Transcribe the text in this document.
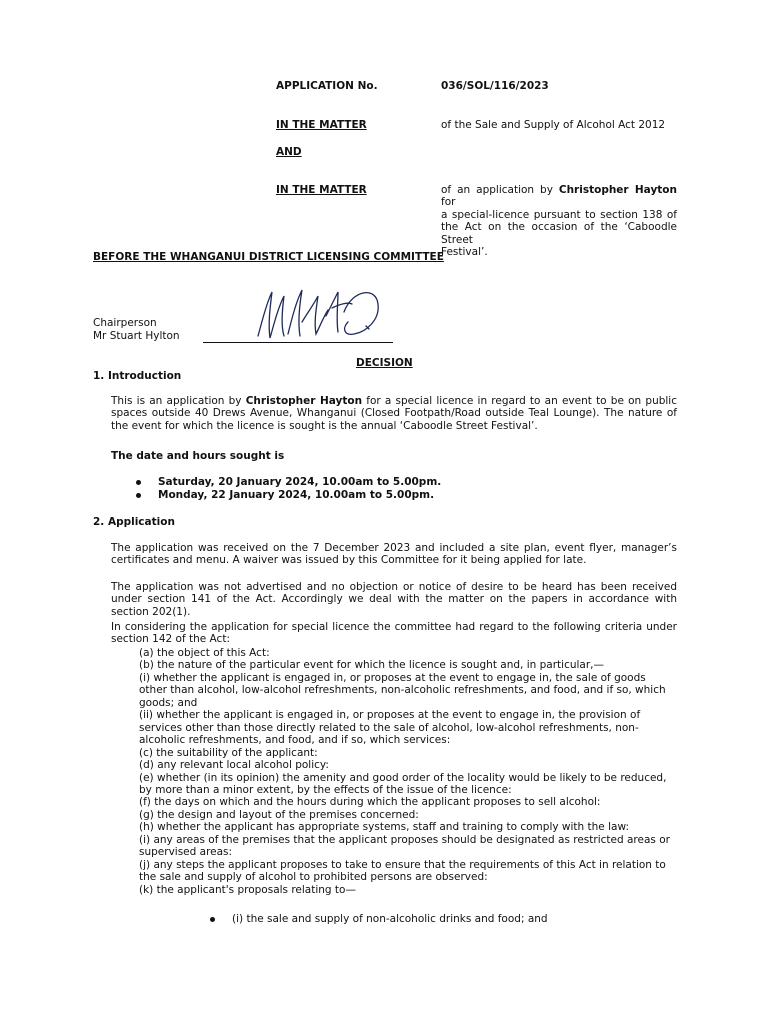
APPLICATION No.	036/SOL/116/2023
IN THE MATTER	of the Sale and Supply of Alcohol Act 2012
AND
IN THE MATTER	of an application by Christopher Hayton for
a special-licence pursuant to section 138 of
the Act on the occasion of the ‘Caboodle Street
Festival’.
BEFORE THE WHANGANUI DISTRICT LICENSING COMMITTEE
Chairperson
Mr Stuart Hylton
DECISION
1. Introduction

This is an application by Christopher Hayton for a special licence in regard to an event to be on public spaces outside 40 Drews Avenue, Whanganui (Closed Footpath/Road outside Teal Lounge). The nature of the event for which the licence is sought is the annual ‘Caboodle Street Festival’.

The date and hours sought is
Saturday, 20 January 2024, 10.00am to 5.00pm.
Monday, 22 January 2024, 10.00am to 5.00pm.
2. Application

The application was received on the 7 December 2023 and included a site plan, event flyer, manager’s certificates and menu. A waiver was issued by this Committee for it being applied for late.

The application was not advertised and no objection or notice of desire to be heard has been received under section 141 of the Act. Accordingly we deal with the matter on the papers in accordance with section 202(1).

In considering the application for special licence the committee had regard to the following criteria under section 142 of the Act:

(a) the object of this Act:
(b) the nature of the particular event for which the licence is sought and, in particular,—
(i) whether the applicant is engaged in, or proposes at the event to engage in, the sale of goods
other than alcohol, low-alcohol refreshments, non-alcoholic refreshments, and food, and if so, which
goods; and
(ii) whether the applicant is engaged in, or proposes at the event to engage in, the provision of
services other than those directly related to the sale of alcohol, low-alcohol refreshments, non-
alcoholic refreshments, and food, and if so, which services:
(c) the suitability of the applicant:
(d) any relevant local alcohol policy:
(e) whether (in its opinion) the amenity and good order of the locality would be likely to be reduced,
by more than a minor extent, by the effects of the issue of the licence:
(f) the days on which and the hours during which the applicant proposes to sell alcohol:
(g) the design and layout of the premises concerned:
(h) whether the applicant has appropriate systems, staff and training to comply with the law:
(i) any areas of the premises that the applicant proposes should be designated as restricted areas or
supervised areas:
(j) any steps the applicant proposes to take to ensure that the requirements of this Act in relation to
the sale and supply of alcohol to prohibited persons are observed:
(k) the applicant's proposals relating to—
(i) the sale and supply of non-alcoholic drinks and food; and
